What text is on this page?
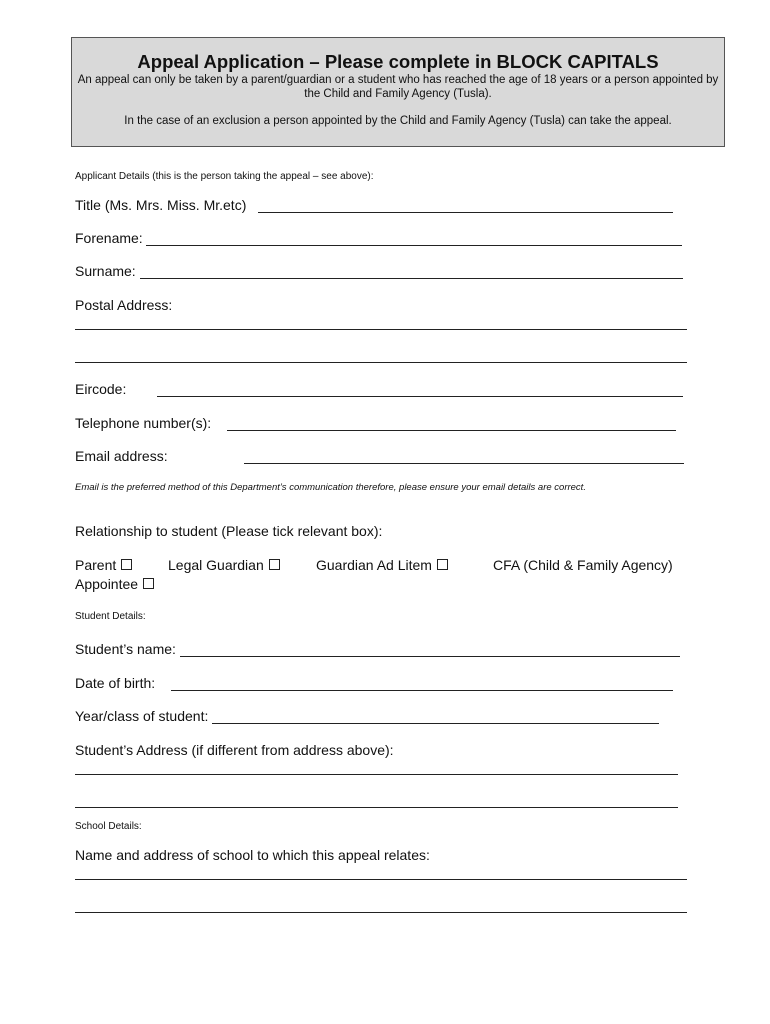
Appeal Application – Please complete in BLOCK CAPITALS

An appeal can only be taken by a parent/guardian or a student who has reached the age of 18 years or a person appointed by the Child and Family Agency (Tusla).

In the case of an exclusion a person appointed by the Child and Family Agency (Tusla) can take the appeal.

Applicant Details (this is the person taking the appeal – see above):
Title (Ms. Mrs. Miss. Mr.etc)
Forename:
Surname:
Postal Address:
Eircode:
Telephone number(s):
Email address:
Email is the preferred method of this Department’s communication therefore, please ensure your email details are correct.
Relationship to student (Please tick relevant box):
Parent	Legal Guardian	Guardian Ad Litem	CFA (Child & Family Agency)
Appointee
Student Details:
Student’s name:
Date of birth:
Year/class of student:
Student’s Address (if different from address above):
School Details:
Name and address of school to which this appeal relates:
